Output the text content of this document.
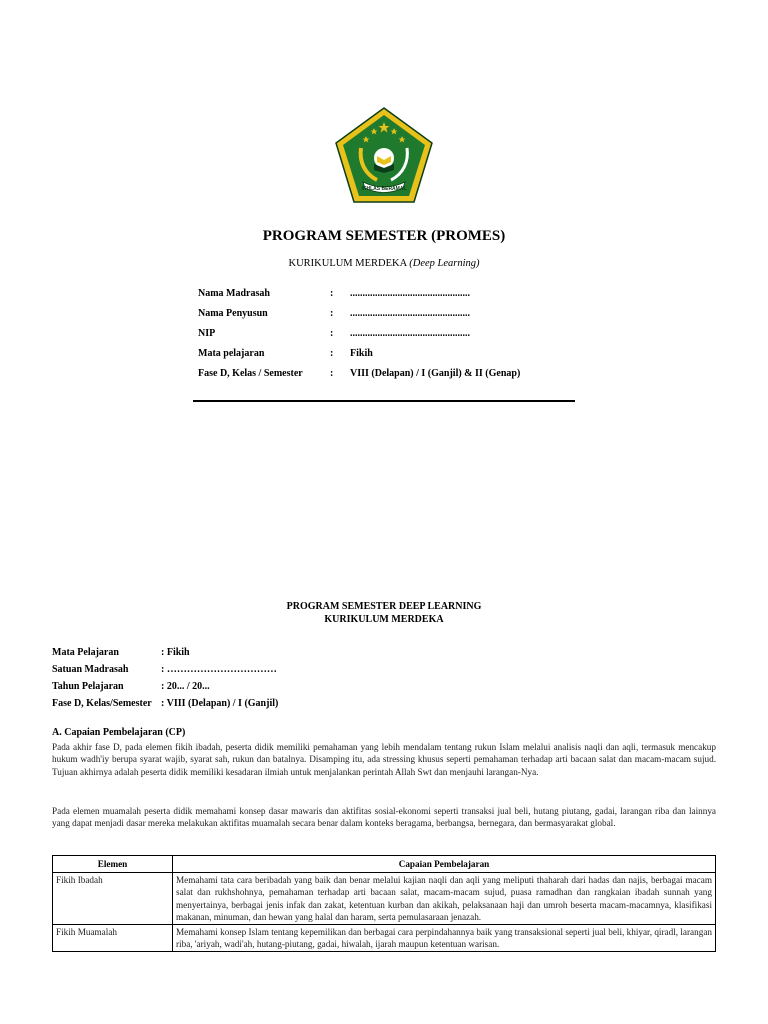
IKHLAS BERAMAL
PROGRAM SEMESTER (PROMES)
KURIKULUM MERDEKA (Deep Learning)
Nama Madrasah	:	................................................
Nama Penyusun	:	................................................
NIP	:	................................................
Mata pelajaran	:	Fikih
Fase D, Kelas / Semester	:	VIII (Delapan) / I (Ganjil) & II (Genap)
PROGRAM SEMESTER DEEP LEARNING
KURIKULUM MERDEKA
Mata Pelajaran	: Fikih
Satuan Madrasah	: ……………………………
Tahun Pelajaran	: 20... / 20...
Fase D, Kelas/Semester : VIII (Delapan) / I (Ganjil)
A. Capaian Pembelajaran (CP)
Pada akhir fase D, pada elemen fikih ibadah, peserta didik memiliki pemahaman yang lebih mendalam tentang rukun Islam melalui analisis naqli dan aqli, termasuk mencakup hukum wadh'iy berupa syarat wajib, syarat sah, rukun dan batalnya. Disamping itu, ada stressing khusus seperti pemahaman terhadap arti bacaan salat dan macam-macam sujud. Tujuan akhirnya adalah peserta didik memiliki kesadaran ilmiah untuk menjalankan perintah Allah Swt dan menjauhi larangan-Nya.
Pada elemen muamalah peserta didik memahami konsep dasar mawaris dan aktifitas sosial-ekonomi seperti transaksi jual beli, hutang piutang, gadai, larangan riba dan lainnya yang dapat menjadi dasar mereka melakukan aktifitas muamalah secara benar dalam konteks beragama, berbangsa, bernegara, dan bermasyarakat global.
Elemen	Capaian Pembelajaran
Fikih Ibadah	Memahami tata cara beribadah yang baik dan benar melalui kajian naqli dan aqli yang meliputi thaharah dari hadas dan najis, berbagai macam salat dan rukhshohnya, pemahaman terhadap arti bacaan salat, macam-macam sujud, puasa ramadhan dan rangkaian ibadah sunnah yang menyertainya, berbagai jenis infak dan zakat, ketentuan kurban dan akikah, pelaksanaan haji dan umroh beserta macam-macamnya, klasifikasi makanan, minuman, dan hewan yang halal dan haram, serta pemulasaraan jenazah.
Fikih Muamalah	Memahami konsep Islam tentang kepemilikan dan berbagai cara perpindahannya baik yang transaksional seperti jual beli, khiyar, qiradl, larangan riba, 'ariyah, wadi'ah, hutang-piutang, gadai, hiwalah, ijarah maupun ketentuan warisan.
